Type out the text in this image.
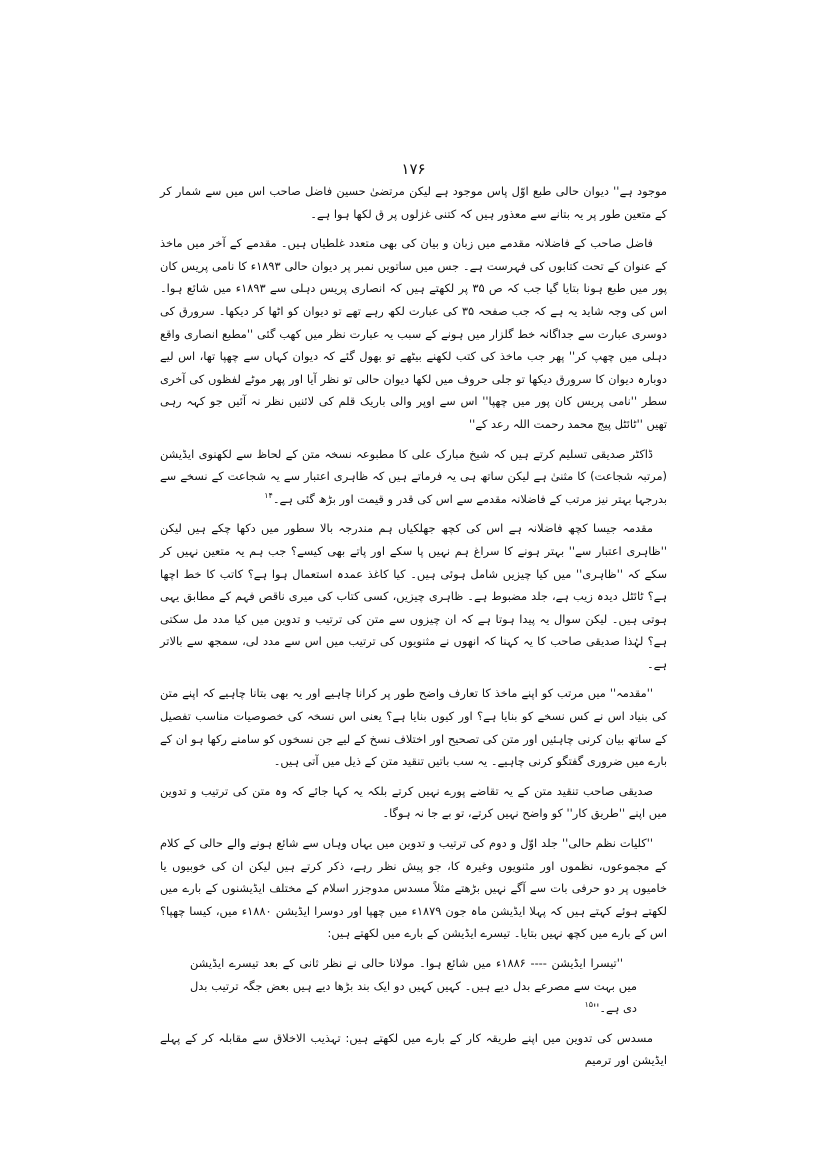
۱۷۶

موجود ہے'' دیوان حالی طبع اوّل پاس موجود ہے لیکن مرتضیٰ حسین فاضل صاحب اس میں سے شمار کر کے متعین طور پر یہ بتانے سے معذور ہیں کہ کتنی غزلوں پر ق لکھا ہوا ہے۔

فاضل صاحب کے فاضلانہ مقدمے میں زبان و بیان کی بھی متعدد غلطیاں ہیں۔ مقدمے کے آخر میں ماخذ کے عنوان کے تحت کتابوں کی فہرست ہے۔ جس میں ساتویں نمبر پر دیوان حالی ۱۸۹۳ء کا نامی پریس کان پور میں طبع ہونا بتایا گیا جب کہ ص ۳۵ پر لکھتے ہیں کہ انصاری پریس دہلی سے ۱۸۹۳ء میں شائع ہوا۔ اس کی وجہ شاید یہ ہے کہ جب صفحہ ۳۵ کی عبارت لکھ رہے تھے تو دیوان کو اٹھا کر دیکھا۔ سرورق کی دوسری عبارت سے جداگانہ خط گلزار میں ہونے کے سبب یہ عبارت نظر میں کھب گئی ''مطبع انصاری واقع دہلی میں چھپ کر'' پھر جب ماخذ کی کتب لکھنے بیٹھے تو بھول گئے کہ دیوان کہاں سے چھپا تھا، اس لیے دوبارہ دیوان کا سرورق دیکھا تو جلی حروف میں لکھا دیوان حالی تو نظر آیا اور پھر موٹے لفظوں کی آخری سطر ''نامی پریس کان پور میں چھپا'' اس سے اوپر والی باریک قلم کی لائنیں نظر نہ آئیں جو کہہ رہی تھیں ''ٹائٹل پیج محمد رحمت اللہ رعد کے''

ڈاکٹر صدیقی تسلیم کرتے ہیں کہ شیخ مبارک علی کا مطبوعہ نسخہ متن کے لحاظ سے لکھنوی ایڈیشن (مرتبہ شجاعت) کا مثنیٰ ہے لیکن ساتھ ہی یہ فرماتے ہیں کہ ظاہری اعتبار سے یہ شجاعت کے نسخے سے بدرجہا بہتر نیز مرتب کے فاضلانہ مقدمے سے اس کی قدر و قیمت اور بڑھ گئی ہے۔$^{۱۴}$

مقدمہ جیسا کچھ فاضلانہ ہے اس کی کچھ جھلکیاں ہم مندرجہ بالا سطور میں دکھا چکے ہیں لیکن ''ظاہری اعتبار سے'' بہتر ہونے کا سراغ ہم نہیں پا سکے اور پاتے بھی کیسے؟ جب ہم یہ متعین نہیں کر سکے کہ ''ظاہری'' میں کیا چیزیں شامل ہوئی ہیں۔ کیا کاغذ عمدہ استعمال ہوا ہے؟ کاتب کا خط اچھا ہے؟ ٹائٹل دیدہ زیب ہے، جلد مضبوط ہے۔ ظاہری چیزیں، کسی کتاب کی میری ناقص فہم کے مطابق یہی ہوتی ہیں۔ لیکن سوال یہ پیدا ہوتا ہے کہ ان چیزوں سے متن کی ترتیب و تدوین میں کیا مدد مل سکتی ہے؟ لہٰذا صدیقی صاحب کا یہ کہنا کہ انھوں نے مثنویوں کی ترتیب میں اس سے مدد لی، سمجھ سے بالاتر ہے۔

''مقدمہ'' میں مرتب کو اپنے ماخذ کا تعارف واضح طور پر کرانا چاہیے اور یہ بھی بتانا چاہیے کہ اپنے متن کی بنیاد اس نے کس نسخے کو بنایا ہے؟ اور کیوں بنایا ہے؟ یعنی اس نسخہ کی خصوصیات مناسب تفصیل کے ساتھ بیان کرنی چاہئیں اور متن کی تصحیح اور اختلاف نسخ کے لیے جن نسخوں کو سامنے رکھا ہو ان کے بارے میں ضروری گفتگو کرنی چاہیے۔ یہ سب باتیں تنقید متن کے ذیل میں آتی ہیں۔

صدیقی صاحب تنقید متن کے یہ تقاضے پورے نہیں کرتے بلکہ یہ کہا جائے کہ وہ متن کی ترتیب و تدوین میں اپنے ''طریق کار'' کو واضح نہیں کرتے، تو بے جا نہ ہوگا۔

''کلیات نظم حالی'' جلد اوّل و دوم کی ترتیب و تدوین میں یہاں وہاں سے شائع ہونے والے حالی کے کلام کے مجموعوں، نظموں اور مثنویوں وغیرہ کا، جو پیش نظر رہے، ذکر کرتے ہیں لیکن ان کی خوبیوں یا خامیوں پر دو حرفی بات سے آگے نہیں بڑھتے مثلاً مسدس مدوجزر اسلام کے مختلف ایڈیشنوں کے بارے میں لکھتے ہوئے کہتے ہیں کہ پہلا ایڈیشن ماہ جون ۱۸۷۹ء میں چھپا اور دوسرا ایڈیشن ۱۸۸۰ء میں، کیسا چھپا؟ اس کے بارے میں کچھ نہیں بتایا۔ تیسرے ایڈیشن کے بارے میں لکھتے ہیں:

''تیسرا ایڈیشن ---- ۱۸۸۶ء میں شائع ہوا۔ مولانا حالی نے نظر ثانی کے بعد تیسرے ایڈیشن میں بہت سے مصرعے بدل دیے ہیں۔ کہیں کہیں دو ایک بند بڑھا دیے ہیں بعض جگہ ترتیب بدل دی ہے۔''$^{۱۵}$

مسدس کی تدوین میں اپنے طریقہ کار کے بارے میں لکھتے ہیں: تہذیب الاخلاق سے مقابلہ کر کے پہلے ایڈیشن اور ترمیم
